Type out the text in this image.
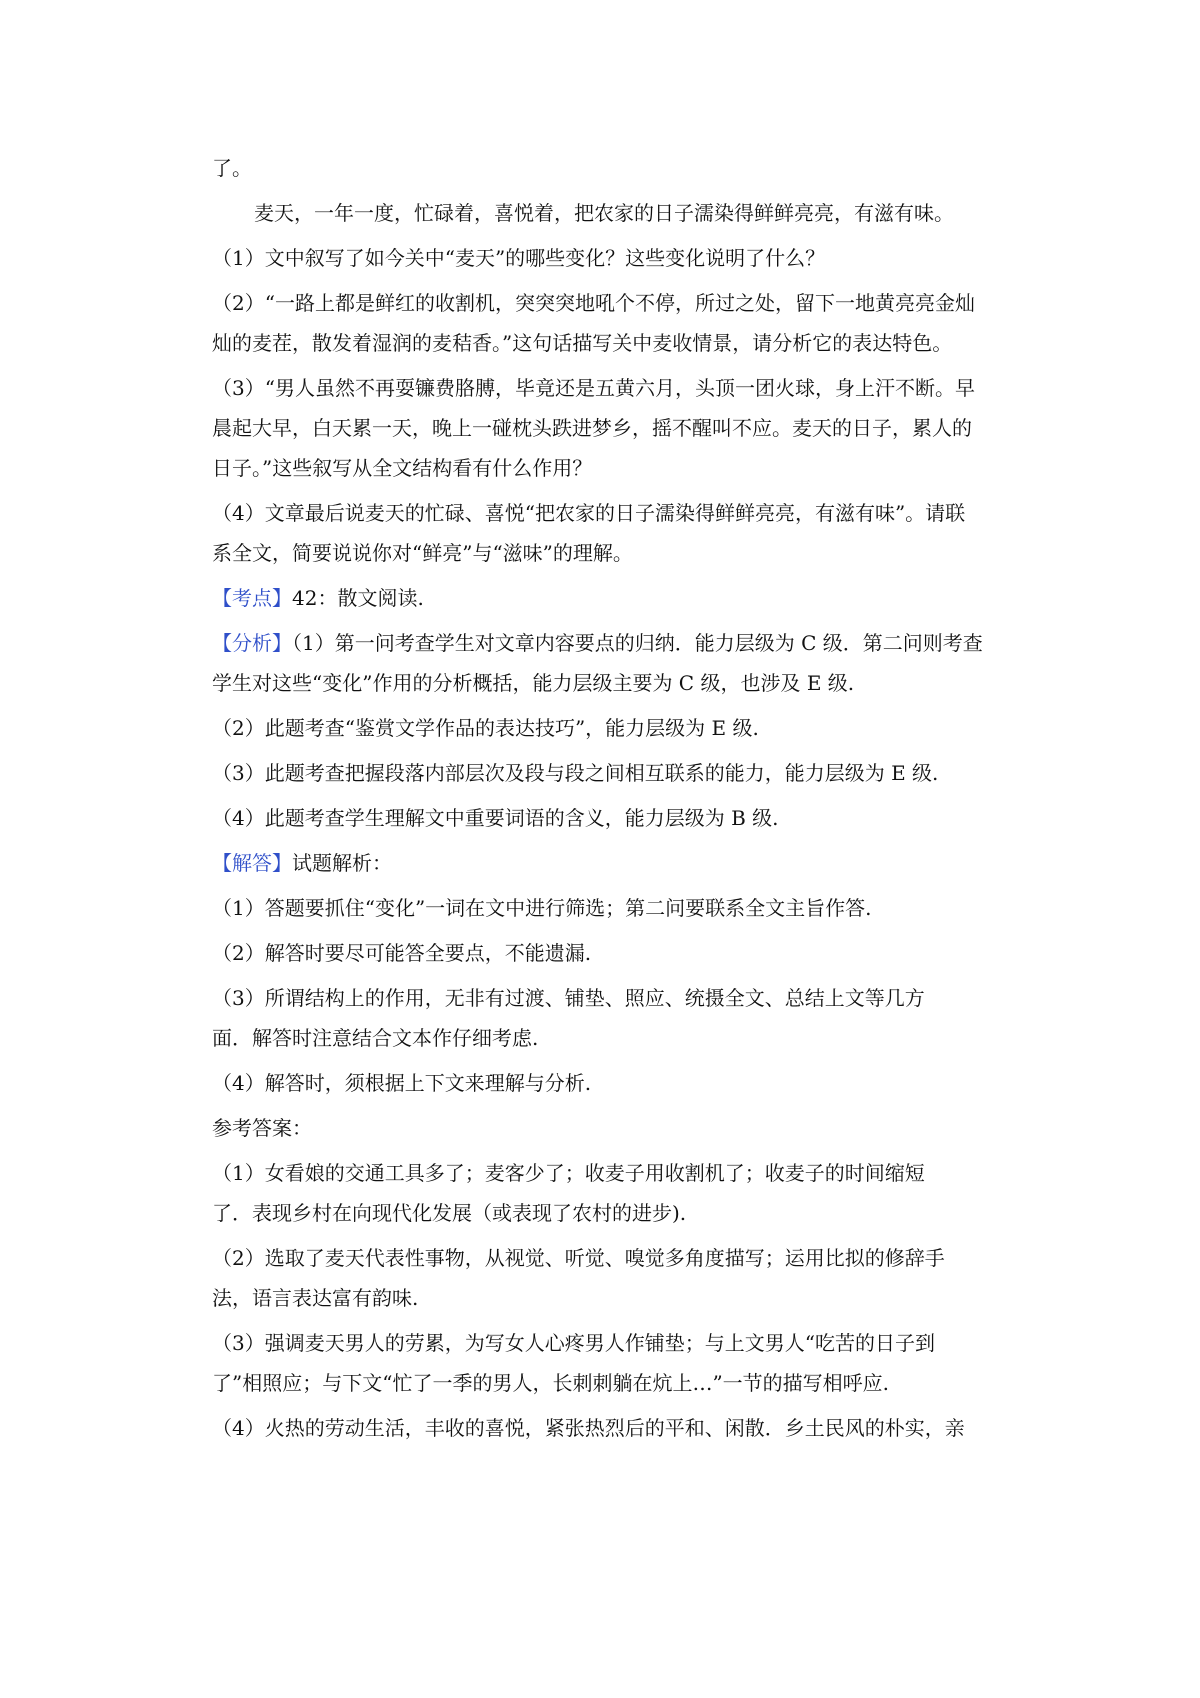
了。
麦天，一年一度，忙碌着，喜悦着，把农家的日子濡染得鲜鲜亮亮，有滋有味。
（1）文中叙写了如今关中“麦天”的哪些变化？这些变化说明了什么？
（2）“一路上都是鲜红的收割机，突突突地吼个不停，所过之处，留下一地黄亮亮金灿
灿的麦茬，散发着湿润的麦秸香。”这句话描写关中麦收情景，请分析它的表达特色。
（3）“男人虽然不再耍镰费胳膊，毕竟还是五黄六月，头顶一团火球，身上汗不断。早
晨起大早，白天累一天，晚上一碰枕头跌进梦乡，摇不醒叫不应。麦天的日子，累人的
日子。”这些叙写从全文结构看有什么作用？
（4）文章最后说麦天的忙碌、喜悦“把农家的日子濡染得鲜鲜亮亮，有滋有味”。请联
系全文，简要说说你对“鲜亮”与“滋味”的理解。
【考点】42：散文阅读.
【分析】（1）第一问考查学生对文章内容要点的归纳．能力层级为 C 级．第二问则考查
学生对这些“变化”作用的分析概括，能力层级主要为 C 级，也涉及 E 级.
（2）此题考查“鉴赏文学作品的表达技巧”，能力层级为 E 级.
（3）此题考查把握段落内部层次及段与段之间相互联系的能力，能力层级为 E 级.
（4）此题考查学生理解文中重要词语的含义，能力层级为 B 级.
【解答】试题解析：
（1）答题要抓住“变化”一词在文中进行筛选；第二问要联系全文主旨作答.
（2）解答时要尽可能答全要点，不能遗漏.
（3）所谓结构上的作用，无非有过渡、铺垫、照应、统摄全文、总结上文等几方
面．解答时注意结合文本作仔细考虑.
（4）解答时，须根据上下文来理解与分析.
参考答案：
（1）女看娘的交通工具多了；麦客少了；收麦子用收割机了；收麦子的时间缩短
了．表现乡村在向现代化发展（或表现了农村的进步).
（2）选取了麦天代表性事物，从视觉、听觉、嗅觉多角度描写；运用比拟的修辞手
法，语言表达富有韵味.
（3）强调麦天男人的劳累，为写女人心疼男人作铺垫；与上文男人“吃苦的日子到
了”相照应；与下文“忙了一季的男人，长刺刺躺在炕上…”一节的描写相呼应.
（4）火热的劳动生活，丰收的喜悦，紧张热烈后的平和、闲散．乡土民风的朴实，亲
